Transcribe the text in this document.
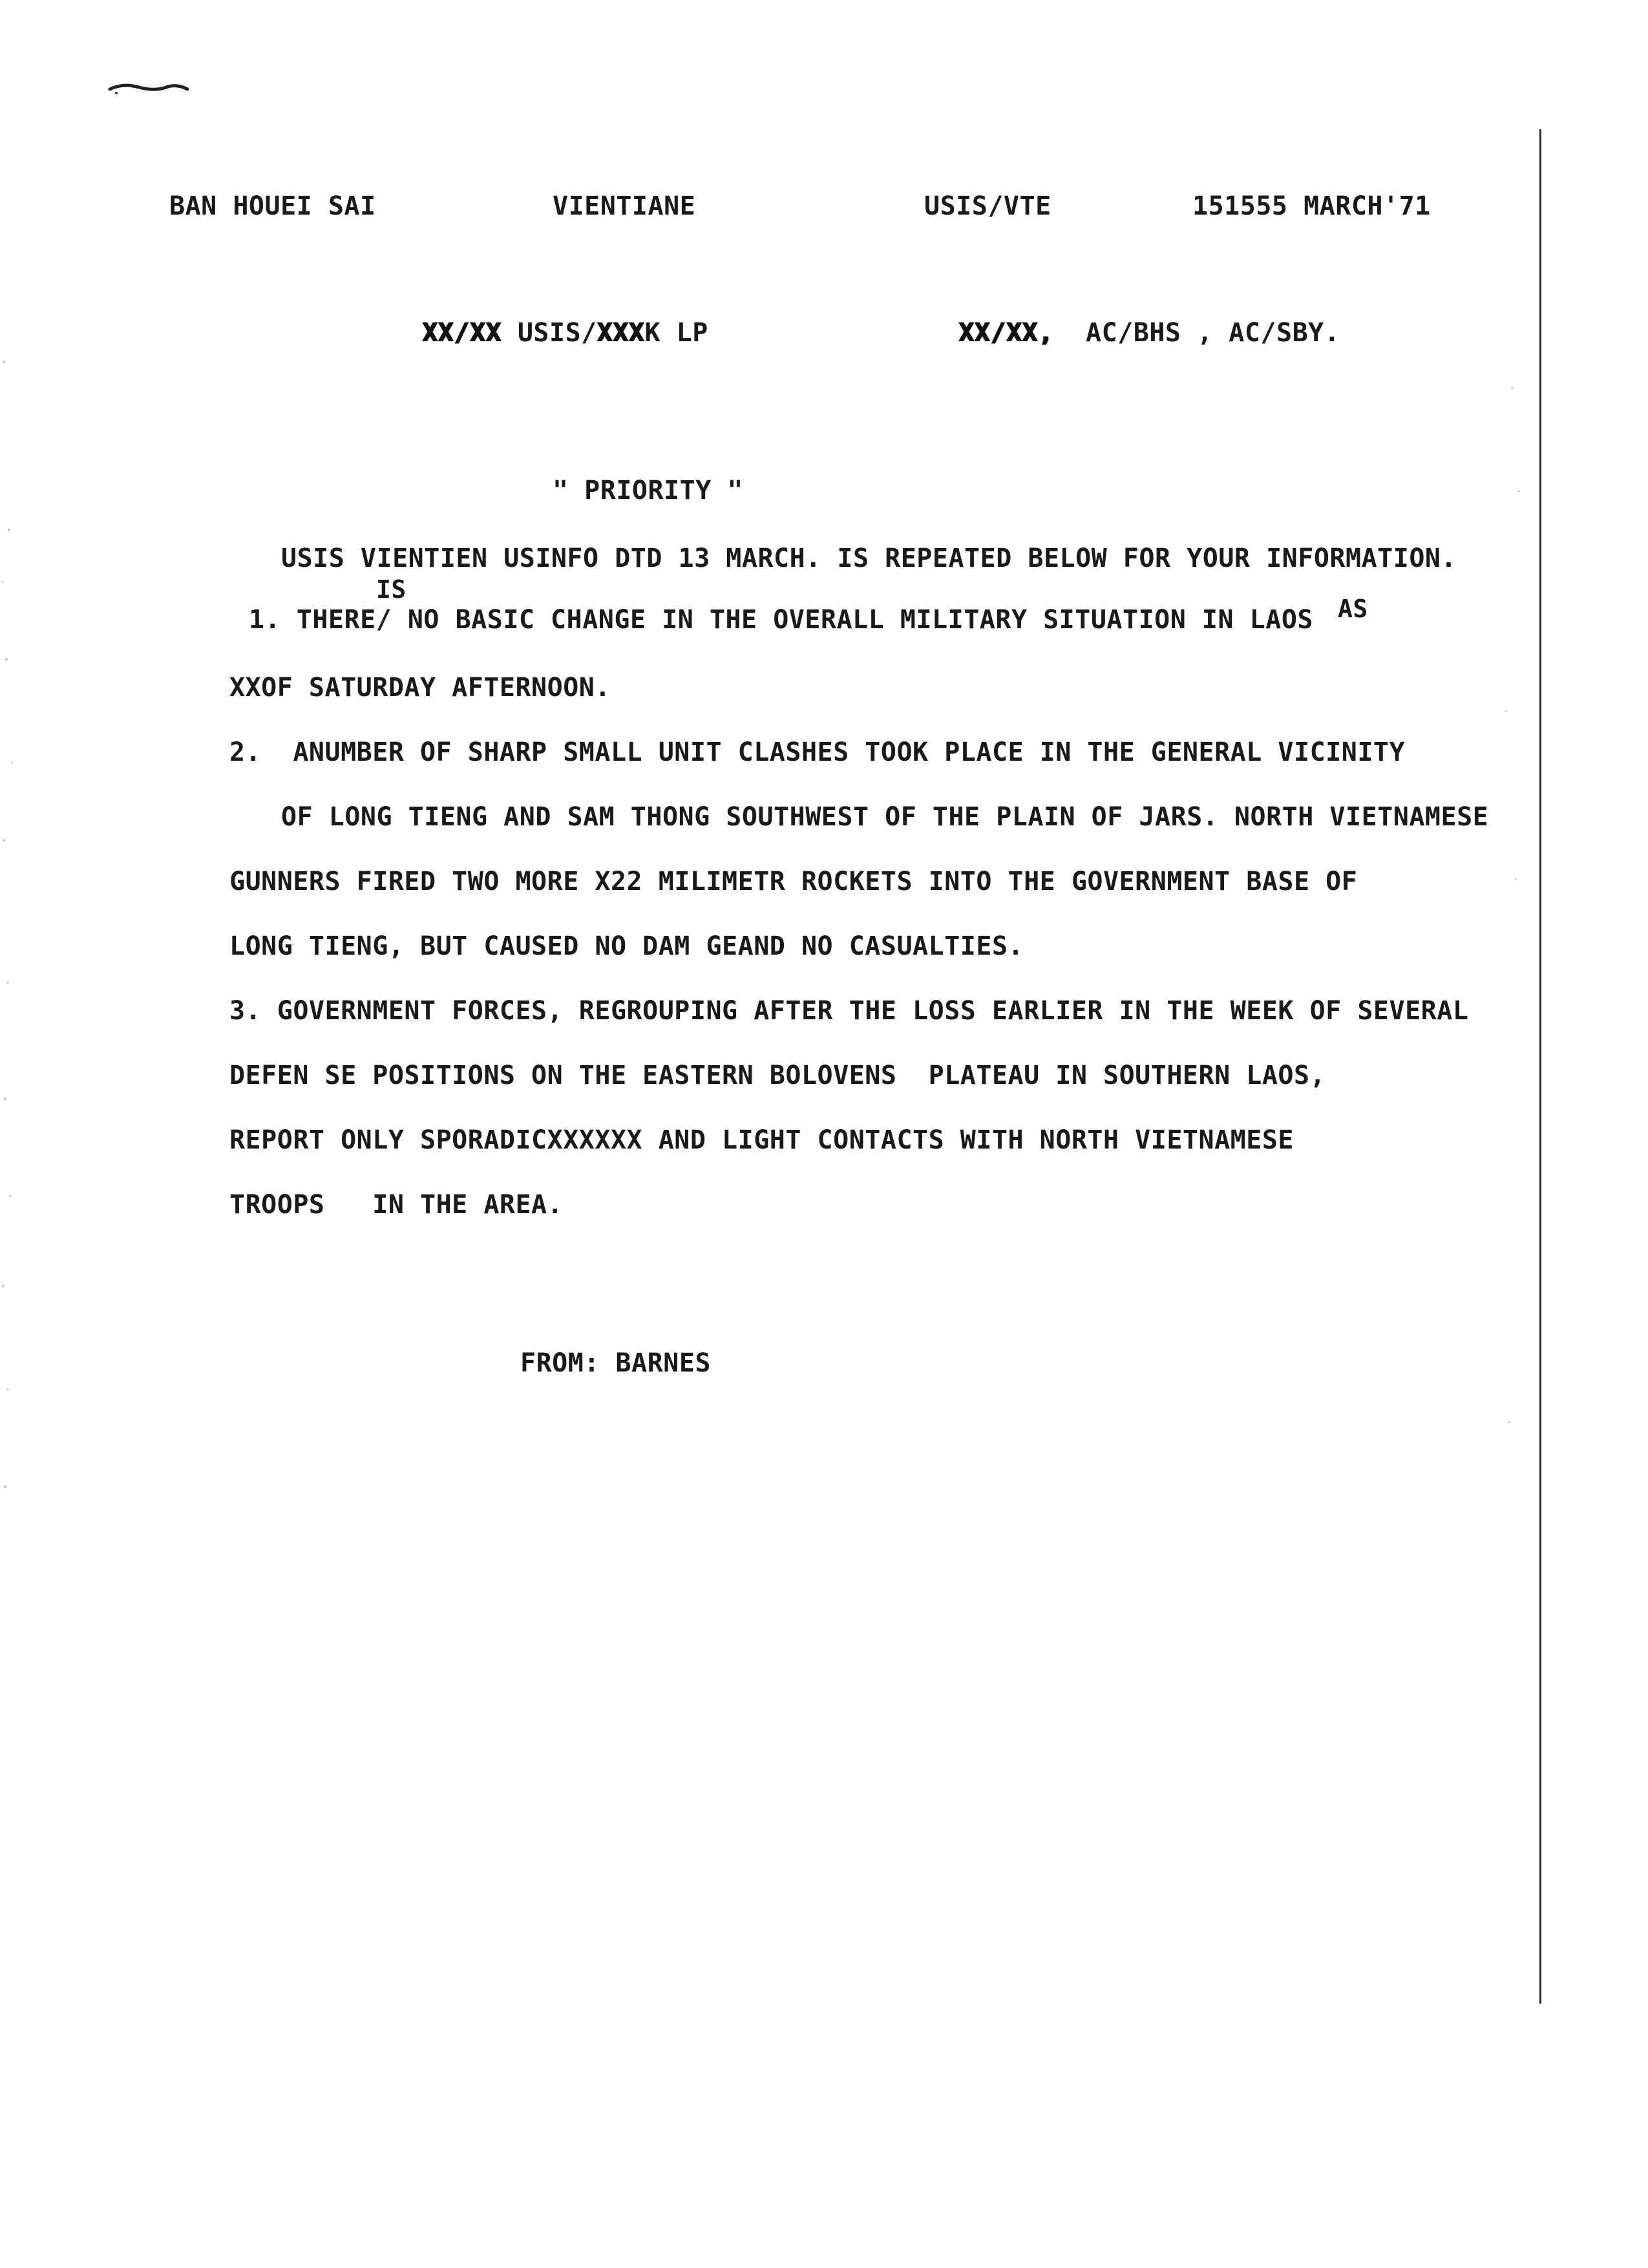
BAN HOUEI SAI	VIENTIANE	USIS/VTE	151555 MARCH'71

XX/XX USIS/XXXK LP
	XX/XX, AC/BHS , AC/SBY.

" PRIORITY "
USIS VIENTIEN USINFO DTD 13 MARCH. IS REPEATED BELOW FOR YOUR INFORMATION.
IS
1. THERE/ NO BASIC CHANGE IN THE OVERALL MILITARY SITUATION IN LAOS AS
XXOF SATURDAY AFTERNOON.
2.  ANUMBER OF SHARP SMALL UNIT CLASHES TOOK PLACE IN THE GENERAL VICINITY
OF LONG TIENG AND SAM THONG SOUTHWEST OF THE PLAIN OF JARS. NORTH VIETNAMESE
GUNNERS FIRED TWO MORE X22 MILIMETR ROCKETS INTO THE GOVERNMENT BASE OF
LONG TIENG, BUT CAUSED NO DAM GEAND NO CASUALTIES.
3. GOVERNMENT FORCES, REGROUPING AFTER THE LOSS EARLIER IN THE WEEK OF SEVERAL
DEFEN SE POSITIONS ON THE EASTERN BOLOVENS  PLATEAU IN SOUTHERN LAOS,
REPORT ONLY SPORADICXXXXXX AND LIGHT CONTACTS WITH NORTH VIETNAMESE
TROOPS   IN THE AREA.
FROM: BARNES
